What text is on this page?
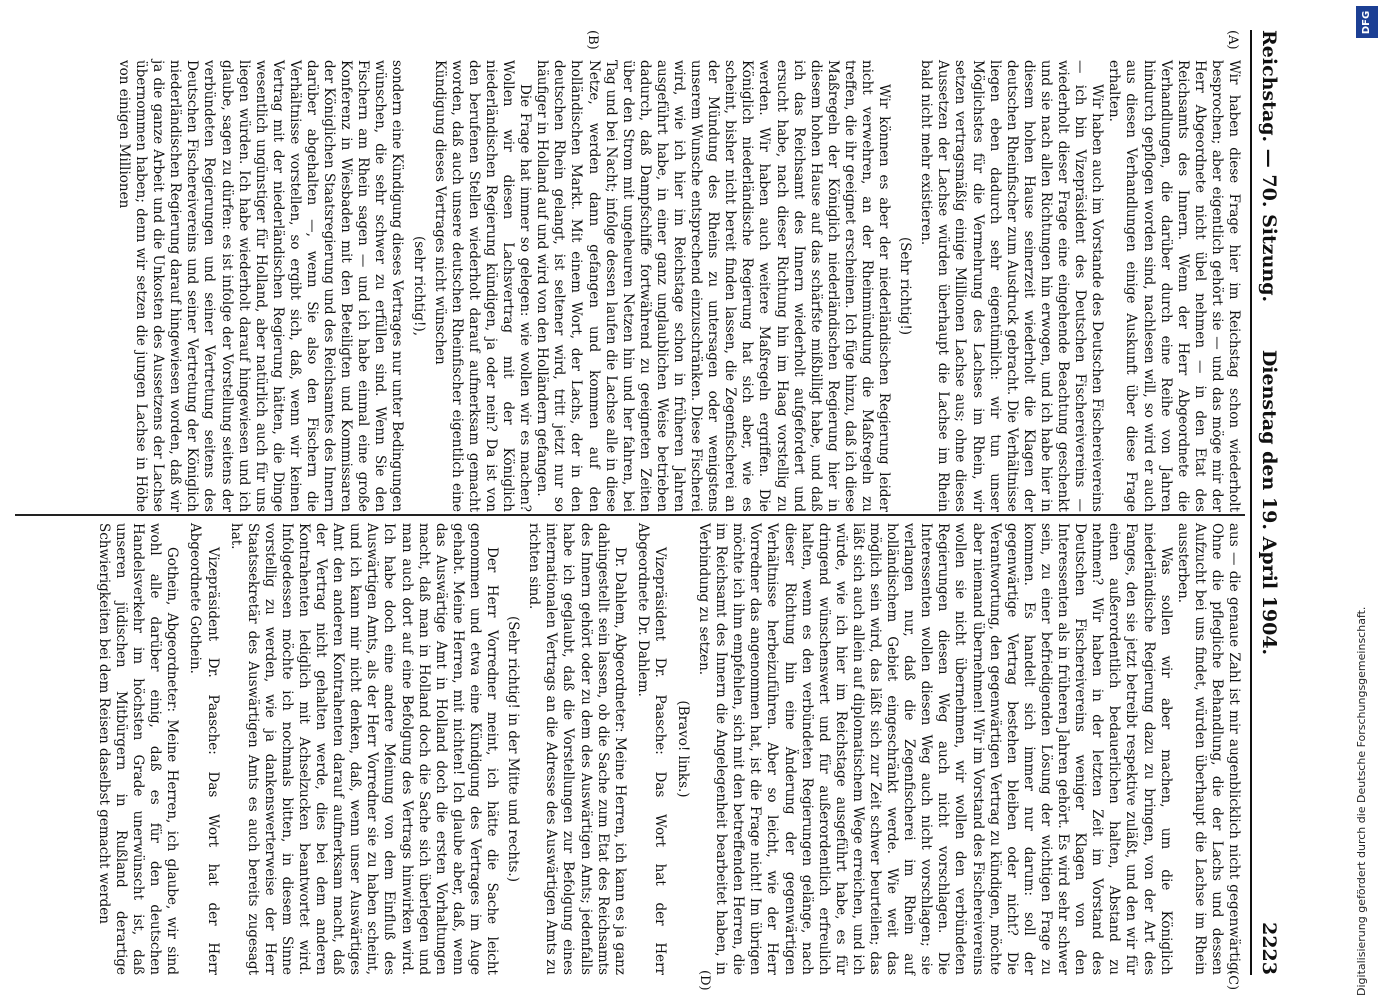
Reichstag. — 70. Sitzung.
Dienstag den 19. April 1904.
2223
(A)
(B)
(C)
(D)

Wir haben diese Frage hier im Reichstag schon wiederholt besprochen; aber eigentlich gehört sie — und das möge mir der Herr Abgeordnete nicht übel nehmen — in den Etat des Reichsamts des Innern. Wenn der Herr Abgeordnete die Verhandlungen, die darüber durch eine Reihe von Jahren hindurch gepflogen worden sind, nachlesen will, so wird er auch aus diesen Verhandlungen einige Auskunft über diese Frage erhalten.

Wir haben auch im Vorstande des Deutschen Fischereivereins — ich bin Vizepräsident des Deutschen Fischereivereins — wiederholt dieser Frage eine eingehende Beachtung geschenkt und sie nach allen Richtungen hin erwogen, und ich habe hier in diesem hohen Hause seinerzeit wiederholt die Klagen der deutschen Rheinfischer zum Ausdruck gebracht. Die Verhältnisse liegen eben dadurch sehr eigentümlich: wir tun unser Möglichstes für die Vermehrung des Lachses im Rhein, wir setzen vertragsmäßig einige Millionen Lachse aus; ohne dieses Aussetzen der Lachse würden überhaupt die Lachse im Rhein bald nicht mehr existieren.

(Sehr richtig!)

Wir können es aber der niederländischen Regierung leider nicht verwehren, an der Rheinmündung die Maßregeln zu treffen, die ihr geeignet erscheinen. Ich füge hinzu, daß ich diese Maßregeln der Königlich niederländischen Regierung hier in diesem hohen Hause auf das schärfste mißbilligt habe, und daß ich das Reichsamt des Innern wiederholt aufgefordert und ersucht habe, nach dieser Richtung hin im Haag vorstellig zu werden. Wir haben auch weitere Maßregeln ergriffen. Die Königlich niederländische Regierung hat sich aber, wie es scheint, bisher nicht bereit finden lassen, die Zegenfischerei an der Mündung des Rheins zu untersagen oder wenigstens unserem Wunsche entsprechend einzuschränken. Diese Fischerei wird, wie ich hier im Reichstage schon in früheren Jahren ausgeführt habe, in einer ganz unglaublichen Weise betrieben dadurch, daß Dampfschiffe fortwährend zu geeigneten Zeiten über den Strom mit ungeheuren Netzen hin und her fahren, bei Tag und bei Nacht; infolge dessen laufen die Lachse alle in diese Netze, werden dann gefangen und kommen auf den holländischen Markt. Mit einem Wort, der Lachs, der in den deutschen Rhein gelangt, ist seltener wird, tritt jetzt nur so häufiger in Holland auf und wird von den Holländern gefangen.

Die Frage hat immer so gelegen: wie wollen wir es machen? Wollen wir diesen Lachsvertrag mit der Königlich niederländischen Regierung kündigen, ja oder nein? Da ist von den berufenen Stellen wiederholt darauf aufmerksam gemacht worden, daß auch unsere deutschen Rheinfischer eigentlich eine Kündigung dieses Vertrages nicht wünschen

(sehr richtig!),

sondern eine Kündigung dieses Vertrages nur unter Bedingungen wünschen, die sehr schwer zu erfüllen sind. Wenn Sie den Fischern am Rhein sagen — und ich habe einmal eine große Konferenz in Wiesbaden mit den Beteiligten und Kommissaren der Königlichen Staatsregierung und des Reichsamtes des Innern darüber abgehalten —, wenn Sie also den Fischern die Verhältnisse vorstellen, so ergibt sich, daß, wenn wir keinen Vertrag mit der niederländischen Regierung hätten, die Dinge wesentlich ungünstiger für Holland, aber natürlich auch für uns liegen würden. Ich habe wiederholt darauf hingewiesen und ich glaube, sagen zu dürfen: es ist infolge der Vorstellung seitens der verbündeten Regierungen und seiner Vertretung seitens des Deutschen Fischereivereins und seiner Vertretung der Königlich niederländischen Regierung darauf hingewiesen worden, daß wir ja die ganze Arbeit und die Unkosten des Aussetzens der Lachse übernommen haben; denn wir setzen die jungen Lachse in Höhe von einigen Millionen

aus — die genaue Zahl ist mir augenblicklich nicht gegenwärtig. Ohne die pflegliche Behandlung, die der Lachs und dessen Aufzucht bei uns findet, würden überhaupt die Lachse im Rhein aussterben.

Was sollen wir aber machen, um die Königlich niederländische Regierung dazu zu bringen, von der Art des Fanges, den sie jetzt betreibt respektive zuläßt, und den wir für einen außerordentlich bedauerlichen halten, Abstand zu nehmen? Wir haben in der letzten Zeit im Vorstand des Deutschen Fischereivereins weniger Klagen von den Interessenten als in früheren Jahren gehört. Es wird sehr schwer sein, zu einer befriedigenden Lösung der wichtigen Frage zu kommen. Es handelt sich immer nur darum: soll der gegenwärtige Vertrag bestehen bleiben oder nicht? Die Verantwortung, den gegenwärtigen Vertrag zu kündigen, möchte aber niemand übernehmen! Wir im Vorstand des Fischereivereins wollen sie nicht übernehmen, wir wollen den verbündeten Regierungen diesen Weg auch nicht vorschlagen. Die Interessenten wollen diesen Weg auch nicht vorschlagen; sie verlangen nur, daß die Zegenfischerei im Rhein auf holländischem Gebiet eingeschränkt werde. Wie weit das möglich sein wird, das läßt sich zur Zeit schwer beurteilen; das läßt sich auch allein auf diplomatischem Wege erreichen, und ich würde, wie ich hier im Reichstage ausgeführt habe, es für dringend wünschenswert und für außerordentlich erfreulich halten, wenn es den verbündeten Regierungen gelänge, nach dieser Richtung hin eine Änderung der gegenwärtigen Verhältnisse herbeizuführen. Aber so leicht, wie der Herr Vorredner das angenommen hat, ist die Frage nicht! Im übrigen möchte ich ihm empfehlen, sich mit den betreffenden Herren, die im Reichsamt des Innern die Angelegenheit bearbeitet haben, in Verbindung zu setzen.

(Bravo! links.)

Vizepräsident Dr. Paasche: Das Wort hat der Herr Abgeordnete Dr. Dahlem.

Dr. Dahlem, Abgeordneter: Meine Herren, ich kann es ja ganz dahingestellt sein lassen, ob die Sache zum Etat des Reichsamts des Innern gehört oder zu dem des Auswärtigen Amts; jedenfalls habe ich geglaubt, daß die Vorstellungen zur Befolgung eines internationalen Vertrags an die Adresse des Auswärtigen Amts zu richten sind.

(Sehr richtig! in der Mitte und rechts.)

Der Herr Vorredner meint, ich hätte die Sache leicht genommen und etwa eine Kündigung des Vertrages im Auge gehabt. Meine Herren, mit nichten! Ich glaube aber, daß, wenn das Auswärtige Amt in Holland doch die ersten Vorhaltungen macht, daß man in Holland doch die Sache sich überlegen und man auch dort auf eine Befolgung des Vertrags hinwirken wird. Ich habe doch eine andere Meinung von dem Einfluß des Auswärtigen Amts, als der Herr Vorredner sie zu haben scheint, und ich kann mir nicht denken, daß, wenn unser Auswärtiges Amt den anderen Kontrahenten darauf aufmerksam macht, daß der Vertrag nicht gehalten werde, dies bei dem anderen Kontrahenten lediglich mit Achselzucken beantwortet wird. Infolgedessen möchte ich nochmals bitten, in diesem Sinne vorstellig zu werden, wie ja dankenswerterweise der Herr Staatssekretär des Auswärtigen Amts es auch bereits zugesagt hat.

Vizepräsident Dr. Paasche: Das Wort hat der Herr Abgeordnete Gothein.

Gothein, Abgeordneter: Meine Herren, ich glaube, wir sind wohl alle darüber einig, daß es für den deutschen Handelsverkehr im höchsten Grade unerwünscht ist, daß unseren jüdischen Mitbürgern in Rußland derartige Schwierigkeiten bei dem Reisen daselbst gemacht werden

DFG
Digitalisierung gefördert durch die Deutsche Forschungsgemeinschaft.
